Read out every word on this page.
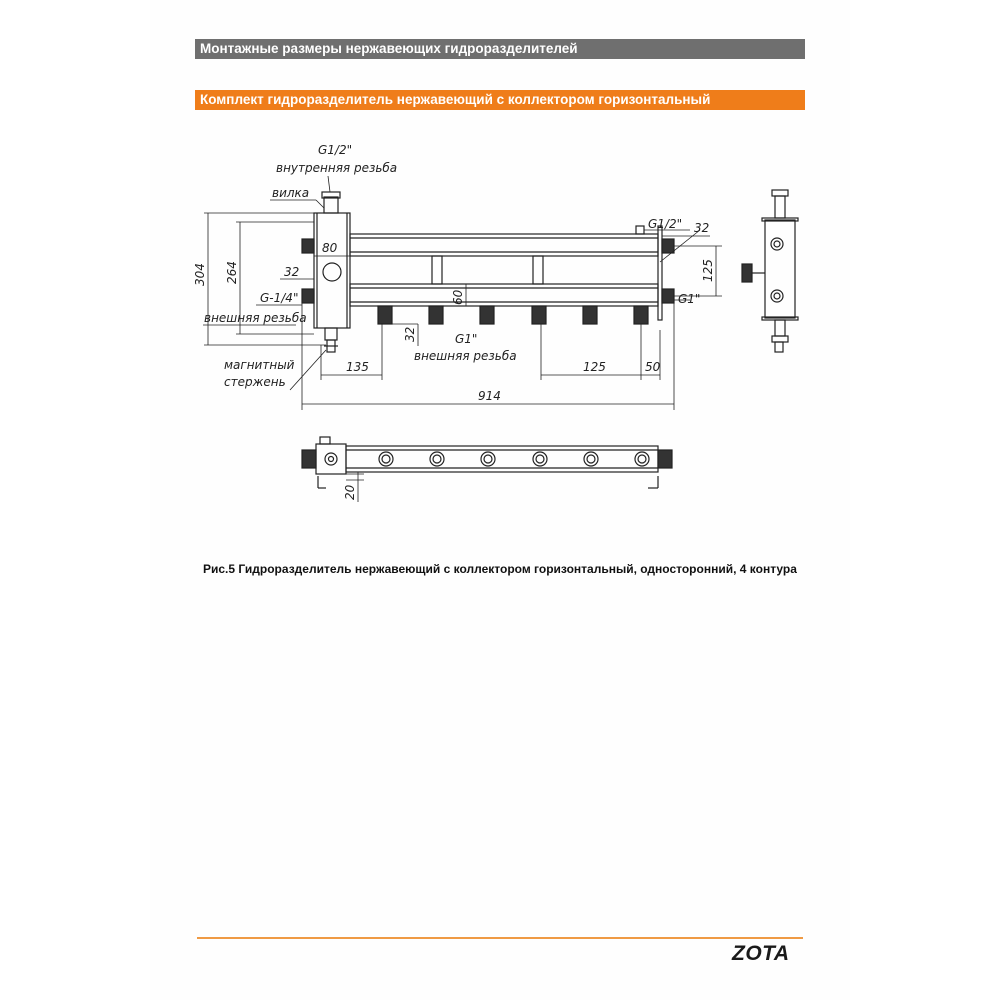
Монтажные размеры нержавеющих гидроразделителей
Комплект гидроразделитель нержавеющий с коллектором горизонтальный
G1/2"
внутренняя резьба
вилка
G1/2" 32
80
32
G-1/4"
внешняя резьба
G1"
G1"
внешняя резьба
магнитный
стержень
135	125	50
914
304 264
60
32
125
20
Рис.5 Гидроразделитель нержавеющий с коллектором горизонтальный, односторонний, 4 контура
ZOTA
